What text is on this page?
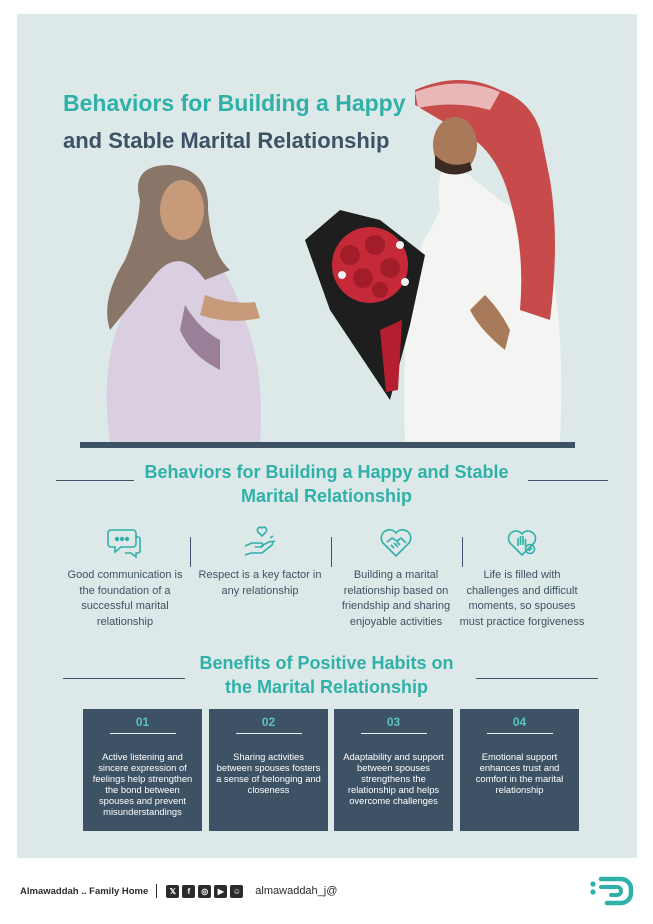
Behaviors for Building a Happy
and Stable Marital Relationship
Behaviors for Building a Happy and Stable
Marital Relationship
Good communication is the foundation of a successful marital relationship
Respect is a key factor in any relationship
Building a marital relationship based on friendship and sharing enjoyable activities
Life is filled with challenges and difficult moments, so spouses must practice forgiveness
Benefits of Positive Habits on
the Marital Relationship
01
Active listening and sincere expression of feelings help strengthen the bond between spouses and prevent misunderstandings
02
Sharing activities between spouses fosters a sense of belonging and closeness
03
Adaptability and support between spouses strengthens the relationship and helps overcome challenges
04
Emotional support enhances trust and comfort in the marital relationship
Almawaddah .. Family Home	𝕏	f	◎	▶	☺ almawaddah_j@
